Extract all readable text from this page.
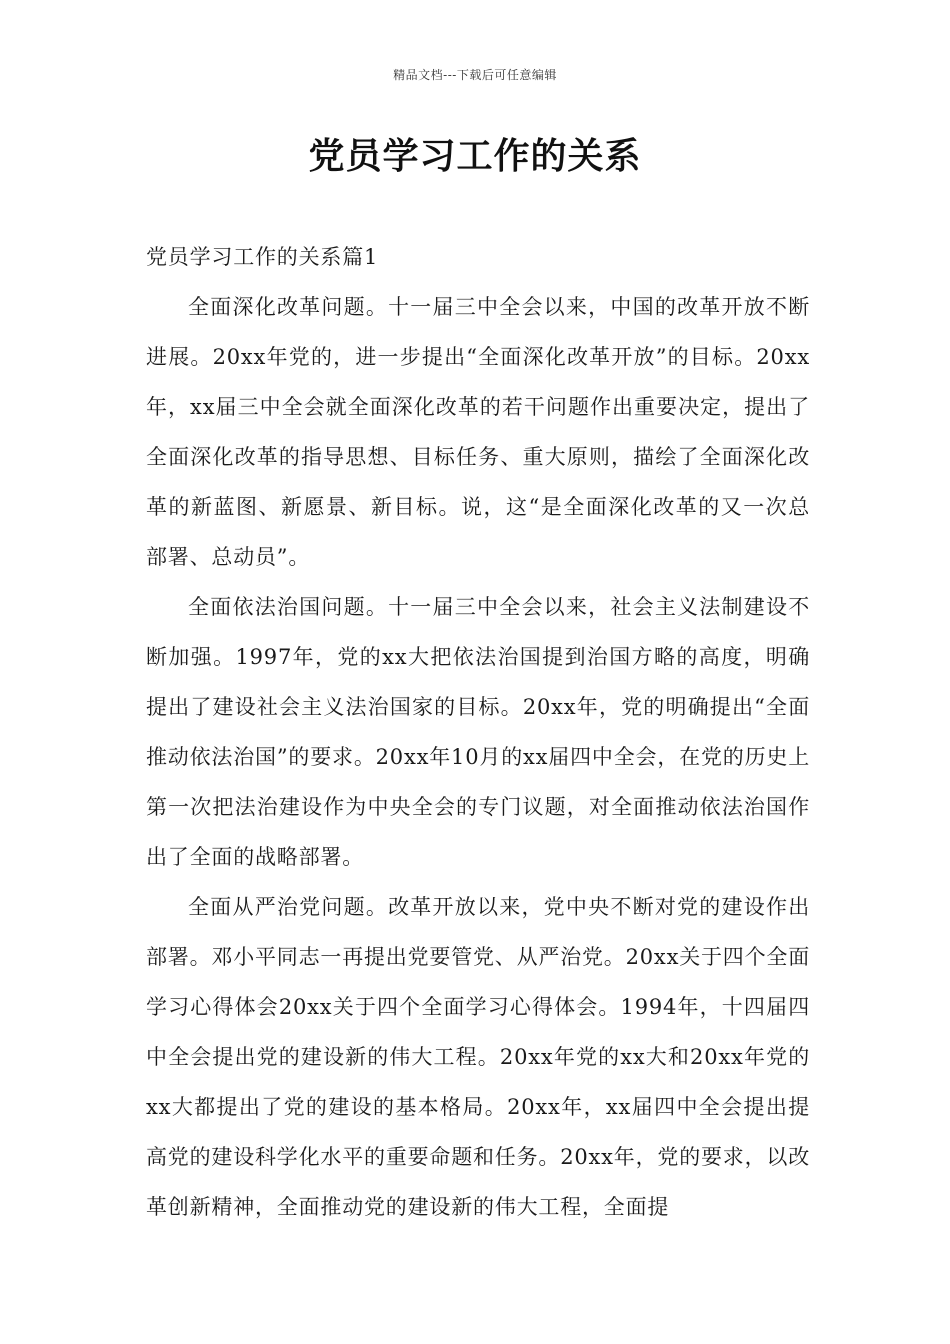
精品文档---下载后可任意编辑
党员学习工作的关系

党员学习工作的关系篇1

全面深化改革问题。十一届三中全会以来，中国的改革开放不断进展。20xx年党的，进一步提出“全面深化改革开放”的目标。20xx年，xx届三中全会就全面深化改革的若干问题作出重要决定，提出了全面深化改革的指导思想、目标任务、重大原则，描绘了全面深化改革的新蓝图、新愿景、新目标。说，这“是全面深化改革的又一次总部署、总动员”。

全面依法治国问题。十一届三中全会以来，社会主义法制建设不断加强。1997年，党的xx大把依法治国提到治国方略的高度，明确提出了建设社会主义法治国家的目标。20xx年，党的明确提出“全面推动依法治国”的要求。20xx年10月的xx届四中全会，在党的历史上第一次把法治建设作为中央全会的专门议题，对全面推动依法治国作出了全面的战略部署。

全面从严治党问题。改革开放以来，党中央不断对党的建设作出部署。邓小平同志一再提出党要管党、从严治党。20xx关于四个全面学习心得体会20xx关于四个全面学习心得体会。1994年，十四届四中全会提出党的建设新的伟大工程。20xx年党的xx大和20xx年党的xx大都提出了党的建设的基本格局。20xx年，xx届四中全会提出提高党的建设科学化水平的重要命题和任务。20xx年，党的要求，以改革创新精神，全面推动党的建设新的伟大工程，全面提
